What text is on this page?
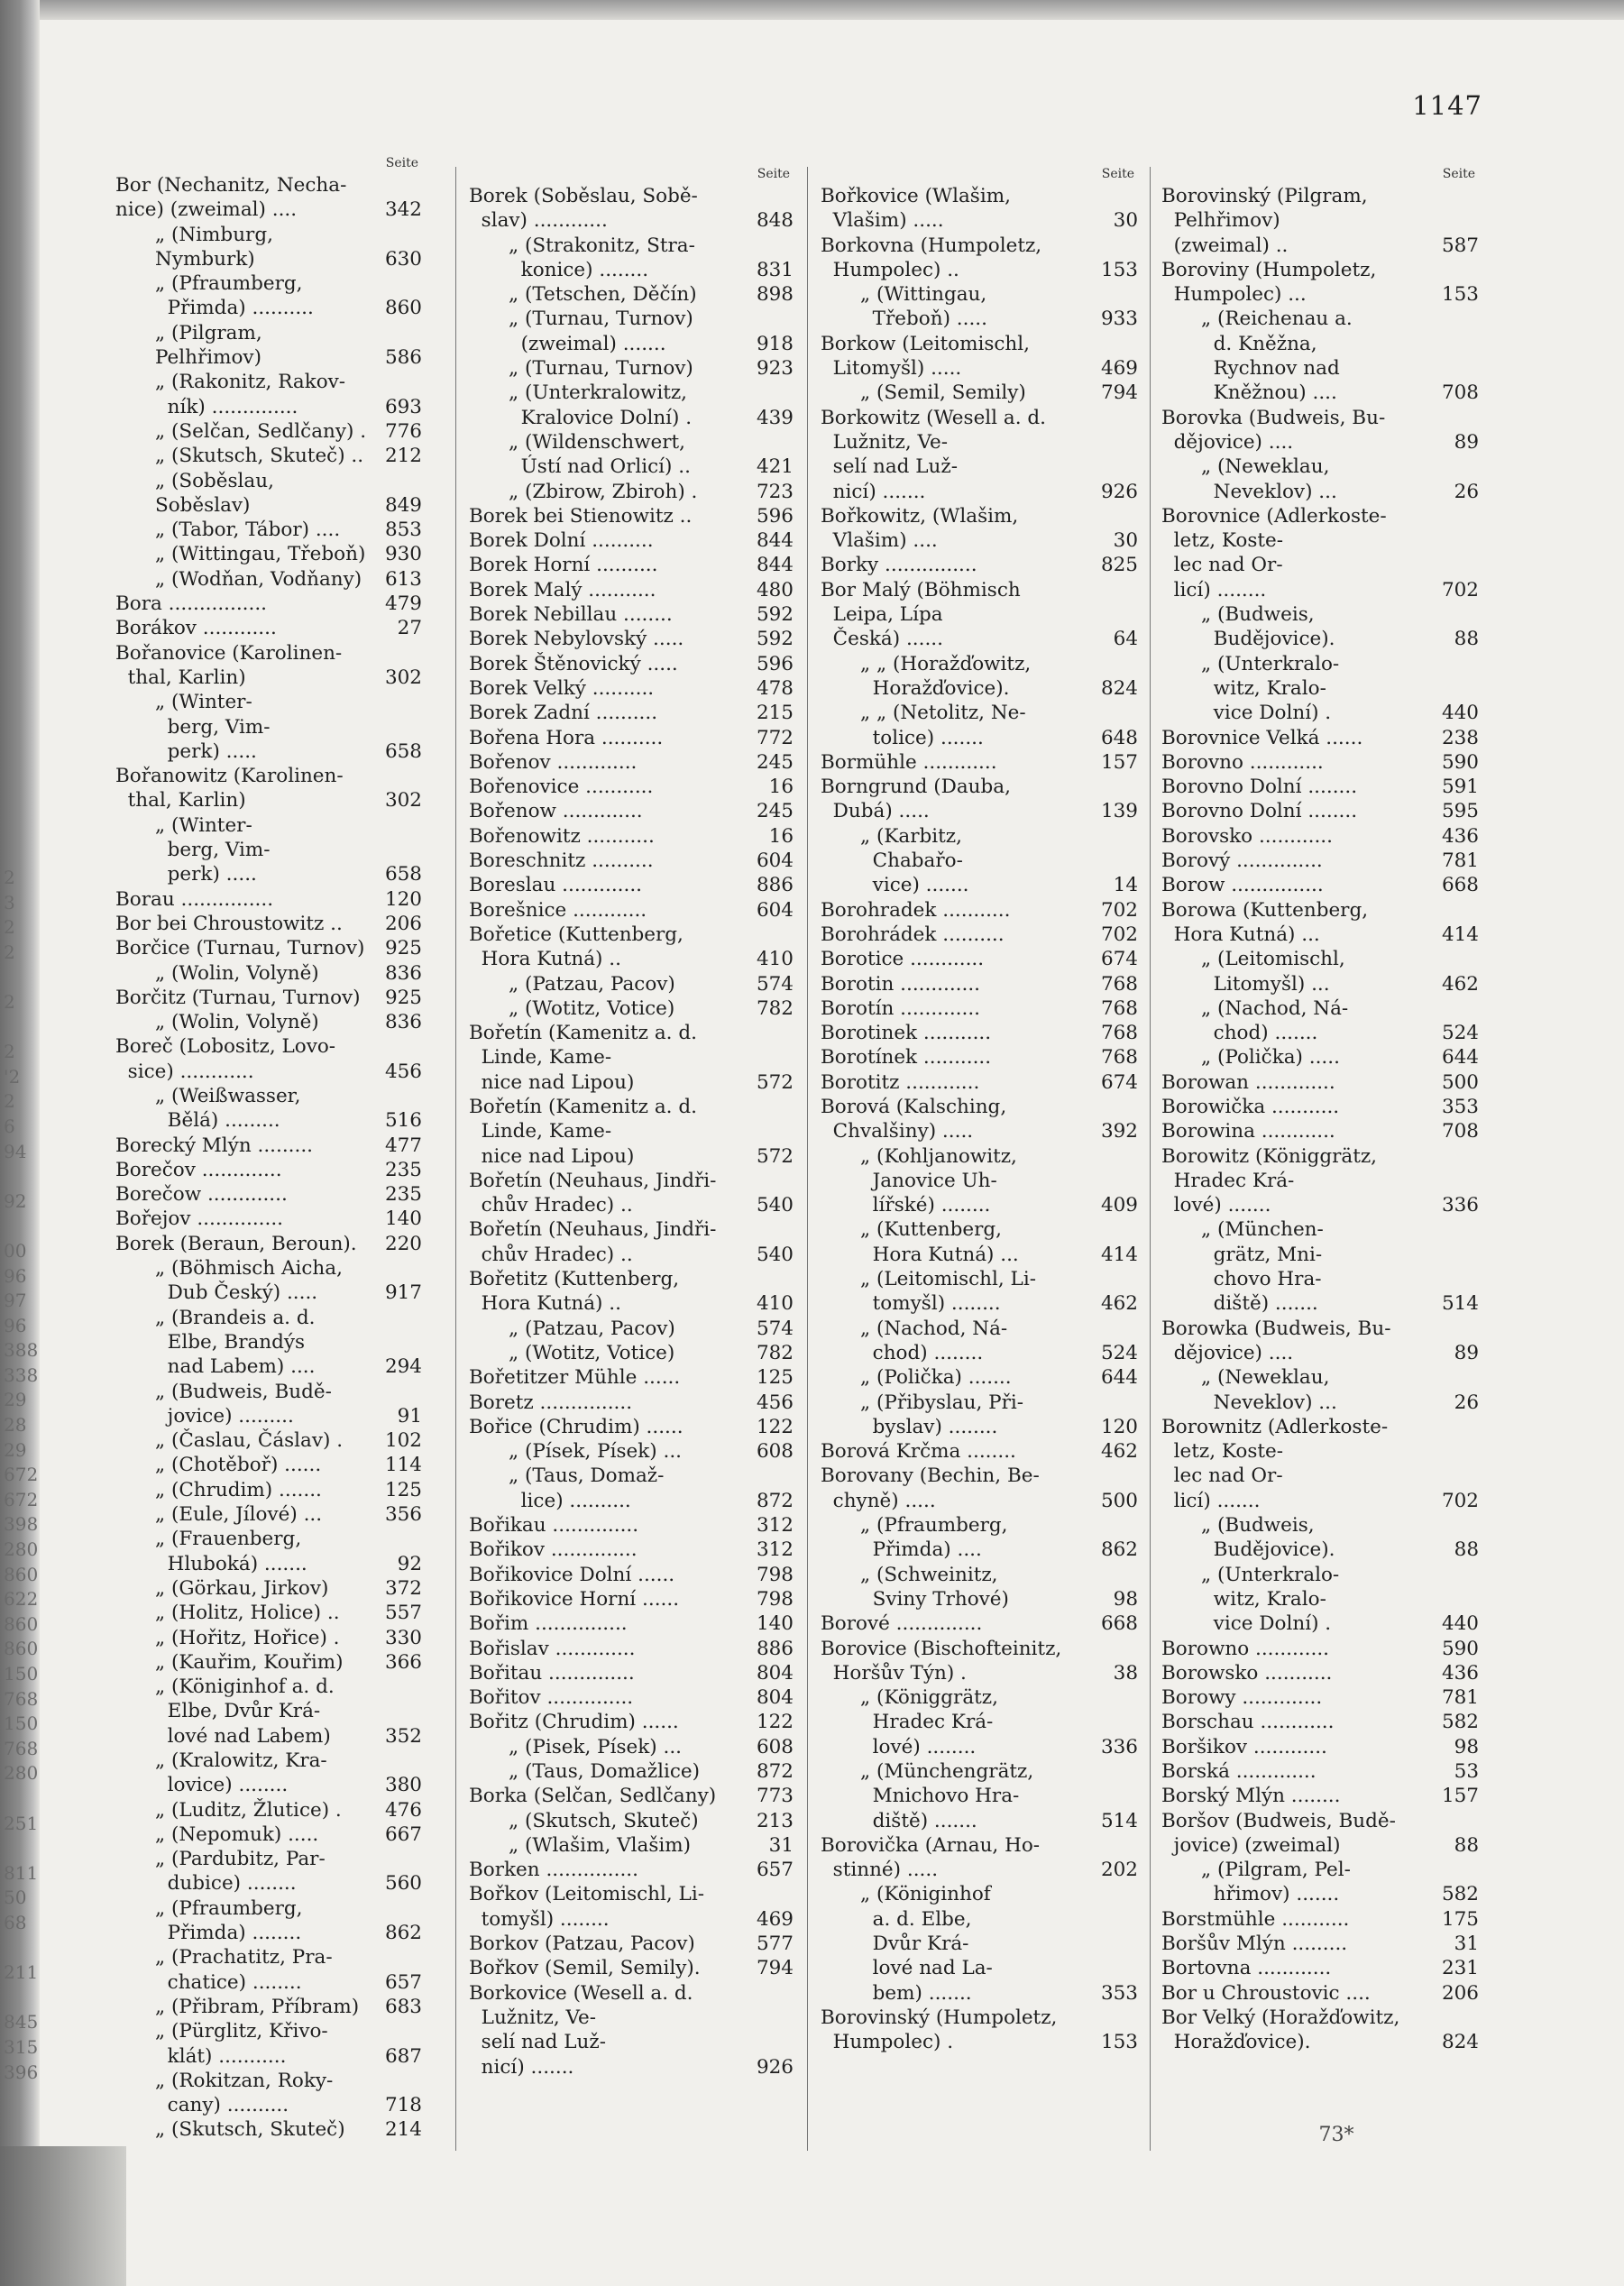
2
3
2
2

2

2
'2
2
6
94

92

00
96
97
96
388
338
29
28
29
672
672
398
280
860
622
860
860
150
768
150
768
280

251

811
50
68

211

845
315
396
1147
Seite
Bor (Nechanitz, Necha-
nice) (zweimal) ....	342
„ (Nimburg, Nymburk)	630
„ (Pfraumberg,
Přimda) ..........	860
„ (Pilgram, Pelhřimov)	586
„ (Rakonitz, Rakov-
ník) ..............	693
„ (Selčan, Sedlčany) . 776
„ (Skutsch, Skuteč) ..	212
„ (Soběslau, Soběslav)	849
„ (Tabor, Tábor) ....	853
„ (Wittingau, Třeboň)	930
„ (Wodňan, Vodňany)	613
Bora ................	479
Borákov ............	27
Bořanovice (Karolinen-
thal, Karlin)	302
„ (Winter-
berg, Vim-
perk) .....	658
Bořanowitz (Karolinen-
thal, Karlin)	302
„ (Winter-
berg, Vim-
perk) .....	658
Borau ...............	120
Bor bei Chroustowitz ..	206
Borčice (Turnau, Turnov)	925
„ (Wolin, Volyně)	836
Borčitz (Turnau, Turnov)	925
„ (Wolin, Volyně)	836
Boreč (Lobositz, Lovo-
sice) ............	456
„ (Weißwasser,
Bělá) .........	516
Borecký Mlýn .........	477
Borečov .............	235
Borečow .............	235
Bořejov ..............	140
Borek (Beraun, Beroun).	220
„ (Böhmisch Aicha,
Dub Český) .....	917
„ (Brandeis a. d.
Elbe, Brandýs
nad Labem) ....	294
„ (Budweis, Budě-
jovice) .........	91
„ (Časlau, Čáslav) .	102
„ (Chotěboř) ......	114
„ (Chrudim) .......	125
„ (Eule, Jílové) ...	356
„ (Frauenberg,
Hluboká) .......	92
„ (Görkau, Jirkov)	372
„ (Holitz, Holice) ..	557
„ (Hořitz, Hořice) .	330
„ (Kauřim, Kouřim)	366
„ (Königinhof a. d.
Elbe, Dvůr Krá-
lové nad Labem)	352
„ (Kralowitz, Kra-
lovice) ........	380
„ (Luditz, Žlutice) .	476
„ (Nepomuk) .....	667
„ (Pardubitz, Par-
dubice) ........	560
„ (Pfraumberg,
Přimda) ........	862
„ (Prachatitz, Pra-
chatice) ........	657
„ (Přibram, Příbram)	683
„ (Pürglitz, Křivo-
klát) ...........	687
„ (Rokitzan, Roky-
cany) ..........	718
„ (Skutsch, Skuteč)	214
Seite
Borek (Soběslau, Sobě-
slav) ............	848
„ (Strakonitz, Stra-
konice) ........	831
„ (Tetschen, Děčín)	898
„ (Turnau, Turnov)
(zweimal) .......	918
„ (Turnau, Turnov)	923
„ (Unterkralowitz,
Kralovice Dolní) .	439
„ (Wildenschwert,
Ústí nad Orlicí) ..	421
„ (Zbirow, Zbiroh) .	723
Borek bei Stienowitz ..	596
Borek Dolní ..........	844
Borek Horní ..........	844
Borek Malý ...........	480
Borek Nebillau ........	592
Borek Nebylovský .....	592
Borek Štěnovický .....	596
Borek Velký ..........	478
Borek Zadní ..........	215
Bořena Hora ..........	772
Bořenov .............	245
Bořenovice ...........	16
Bořenow .............	245
Bořenowitz ...........	16
Boreschnitz ..........	604
Boreslau .............	886
Borešnice ............	604
Bořetice (Kuttenberg,
Hora Kutná) ..	410
„ (Patzau, Pacov)	574
„ (Wotitz, Votice)	782
Bořetín (Kamenitz a. d.
Linde, Kame-
nice nad Lipou)	572
Bořetín (Kamenitz a. d.
Linde, Kame-
nice nad Lipou)	572
Bořetín (Neuhaus, Jindři-
chův Hradec) ..	540
Bořetín (Neuhaus, Jindři-
chův Hradec) ..	540
Bořetitz (Kuttenberg,
Hora Kutná) ..	410
„ (Patzau, Pacov)	574
„ (Wotitz, Votice)	782
Bořetitzer Mühle ......	125
Boretz ...............	456
Bořice (Chrudim) ......	122
„ (Písek, Písek) ...	608
„ (Taus, Domaž-
lice) ..........	872
Bořikau ..............	312
Bořikov ..............	312
Bořikovice Dolní ......	798
Bořikovice Horní ......	798
Bořim ...............	140
Bořislav .............	886
Bořitau ..............	804
Bořitov ..............	804
Bořitz (Chrudim) ......	122
„ (Pisek, Písek) ...	608
„ (Taus, Domažlice)	872
Borka (Selčan, Sedlčany)	773
„ (Skutsch, Skuteč)	213
„ (Wlašim, Vlašim)	31
Borken ...............	657
Bořkov (Leitomischl, Li-
tomyšl) ........	469
Borkov (Patzau, Pacov)	577
Bořkov (Semil, Semily).	794
Borkovice (Wesell a. d.
Lužnitz, Ve-
selí nad Luž-
nicí) .......	926
Seite
Bořkovice (Wlašim,
Vlašim) .....	30
Borkovna (Humpoletz,
Humpolec) ..	153
„ (Wittingau,
Třeboň) .....	933
Borkow (Leitomischl,
Litomyšl) .....	469
„ (Semil, Semily)	794
Borkowitz (Wesell a. d.
Lužnitz, Ve-
selí nad Luž-
nicí) .......	926
Bořkowitz, (Wlašim,
Vlašim) ....	30
Borky ...............	825
Bor Malý (Böhmisch
Leipa, Lípa
Česká) ......	64
„ „ (Horažďowitz,
Horažďovice).	824
„ „ (Netolitz, Ne-
tolice) .......	648
Bormühle ............	157
Borngrund (Dauba,
Dubá) .....	139
„ (Karbitz,
Chabařo-
vice) .......	14
Borohradek ...........	702
Borohrádek ..........	702
Borotice ............	674
Borotin .............	768
Borotín .............	768
Borotinek ...........	768
Borotínek ...........	768
Borotitz ............	674
Borová (Kalsching,
Chvalšiny) .....	392
„ (Kohljanowitz,
Janovice Uh-
lířské) ........	409
„ (Kuttenberg,
Hora Kutná) ...	414
„ (Leitomischl, Li-
tomyšl) ........	462
„ (Nachod, Ná-
chod) ........	524
„ (Polička) .......	644
„ (Přibyslau, Při-
byslav) ........	120
Borová Krčma ........	462
Borovany (Bechin, Be-
chyně) .....	500
„ (Pfraumberg,
Přimda) ....	862
„ (Schweinitz,
Sviny Trhové)	98
Borové ..............	668
Borovice (Bischofteinitz,
Horšův Týn) .	38
„ (Königgrätz,
Hradec Krá-
lové) ........	336
„ (Münchengrätz,
Mnichovo Hra-
diště) .......	514
Borovička (Arnau, Ho-
stinné) .....	202
„ (Königinhof
a. d. Elbe,
Dvůr Krá-
lové nad La-
bem) .......	353
Borovinský (Humpoletz,
Humpolec) .	153
Seite
Borovinský (Pilgram,
Pelhřimov)
(zweimal) ..	587
Boroviny (Humpoletz,
Humpolec) ...	153
„ (Reichenau a.
d. Kněžna,
Rychnov nad
Kněžnou) ....	708
Borovka (Budweis, Bu-
dějovice) ....	89
„ (Neweklau,
Neveklov) ...	26
Borovnice (Adlerkoste-
letz, Koste-
lec nad Or-
licí) ........	702
„ (Budweis,
Budějovice).	88
„ (Unterkralo-
witz, Kralo-
vice Dolní) .	440
Borovnice Velká ......	238
Borovno ............	590
Borovno Dolní ........	591
Borovno Dolní ........	595
Borovsko ............	436
Borový ..............	781
Borow ...............	668
Borowa (Kuttenberg,
Hora Kutná) ...	414
„ (Leitomischl,
Litomyšl) ...	462
„ (Nachod, Ná-
chod) .......	524
„ (Polička) .....	644
Borowan .............	500
Borowička ...........	353
Borowina ............	708
Borowitz (Königgrätz,
Hradec Krá-
lové) .......	336
„ (München-
grätz, Mni-
chovo Hra-
diště) .......	514
Borowka (Budweis, Bu-
dějovice) ....	89
„ (Neweklau,
Neveklov) ...	26
Borownitz (Adlerkoste-
letz, Koste-
lec nad Or-
licí) .......	702
„ (Budweis,
Budějovice).	88
„ (Unterkralo-
witz, Kralo-
vice Dolní) .	440
Borowno ............	590
Borowsko ...........	436
Borowy .............	781
Borschau ............	582
Boršikov ............	98
Borská .............	53
Borský Mlýn ........	157
Boršov (Budweis, Budě-
jovice) (zweimal)	88
„ (Pilgram, Pel-
hřimov) .......	582
Borstmühle ...........	175
Boršův Mlýn .........	31
Bortovna ............	231
Bor u Chroustovic ....	206
Bor Velký (Horažďowitz,
Horažďovice).	824
73*
